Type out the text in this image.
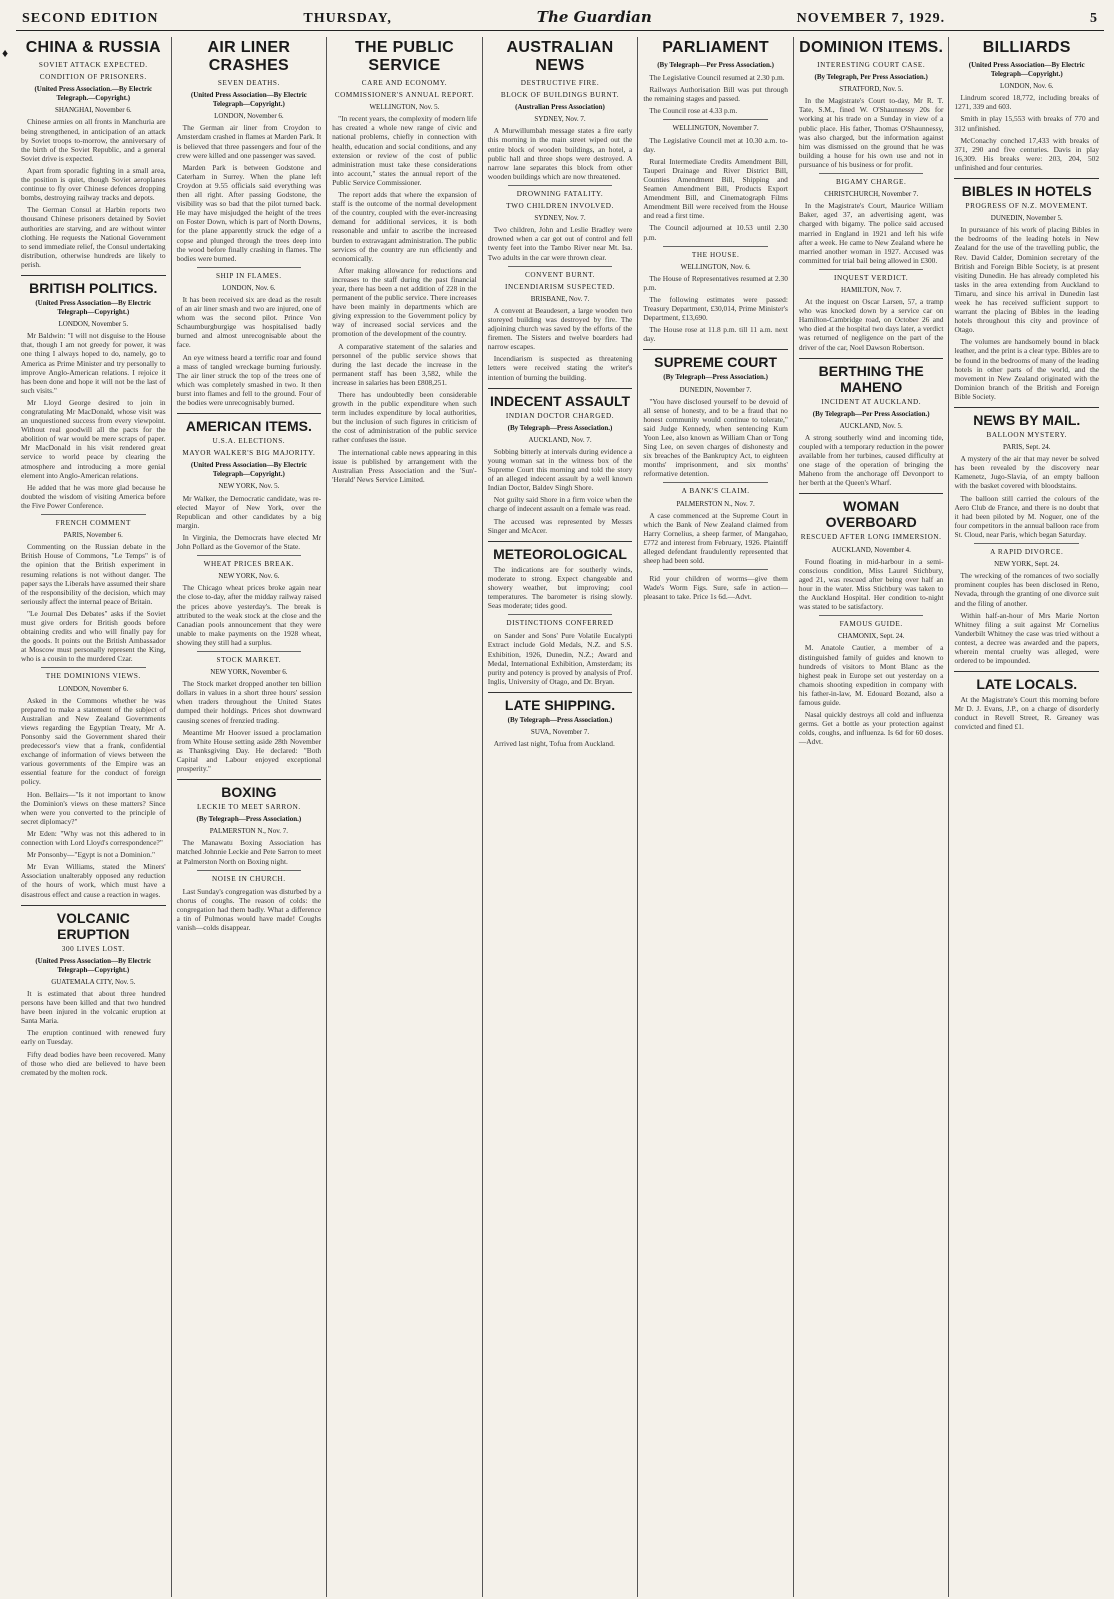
♦
SECOND EDITION	THURSDAY,	The Guardian	NOVEMBER 7, 1929.	5
CHINA & RUSSIA
SOVIET ATTACK EXPECTED.
CONDITION OF PRISONERS.
(United Press Association.—By Electric Telegraph.—Copyright.)
SHANGHAI, November 6.
Chinese armies on all fronts in Manchuria are being strengthened, in anticipation of an attack by Soviet troops to-morrow, the anniversary of the birth of the Soviet Republic, and a general Soviet drive is expected.
Apart from sporadic fighting in a small area, the position is quiet, though Soviet aeroplanes continue to fly over Chinese defences dropping bombs, destroying railway tracks and depots.
The German Consul at Harbin reports two thousand Chinese prisoners detained by Soviet authorities are starving, and are without winter clothing. He requests the National Government to send immediate relief, the Consul undertaking distribution, otherwise hundreds are likely to perish.
BRITISH POLITICS.
(United Press Association—By Electric Telegraph—Copyright.)
LONDON, November 5.
Mr Baldwin: "I will not disguise to the House that, though I am not greedy for power, it was one thing I always hoped to do, namely, go to America as Prime Minister and try personally to improve Anglo-American relations. I rejoice it has been done and hope it will not be the last of such visits."
Mr Lloyd George desired to join in congratulating Mr MacDonald, whose visit was an unquestioned success from every viewpoint. Without real goodwill all the pacts for the abolition of war would be mere scraps of paper. Mr MacDonald in his visit rendered great service to world peace by clearing the atmosphere and introducing a more genial element into Anglo-American relations.
He added that he was more glad because he doubted the wisdom of visiting America before the Five Power Conference.
FRENCH COMMENT
PARIS, November 6.
Commenting on the Russian debate in the British House of Commons, "Le Temps" is of the opinion that the British experiment in resuming relations is not without danger. The paper says the Liberals have assumed their share of the responsibility of the decision, which may seriously affect the internal peace of Britain.
"Le Journal Des Debates" asks if the Soviet must give orders for British goods before obtaining credits and who will finally pay for the goods. It points out the British Ambassador at Moscow must personally represent the King, who is a cousin to the murdered Czar.
THE DOMINIONS VIEWS.
LONDON, November 6.
Asked in the Commons whether he was prepared to make a statement of the subject of Australian and New Zealand Governments views regarding the Egyptian Treaty, Mr A. Ponsonby said the Government shared their predecessor's view that a frank, confidential exchange of information of views between the various governments of the Empire was an essential feature for the conduct of foreign policy.
Hon. Bellairs—"Is it not important to know the Dominion's views on these matters? Since when were you converted to the principle of secret diplomacy?"
Mr Eden: "Why was not this adhered to in connection with Lord Lloyd's correspondence?"
Mr Ponsonby—"Egypt is not a Dominion."
Mr Evan Williams, stated the Miners' Association unalterably opposed any reduction of the hours of work, which must have a disastrous effect and cause a reaction in wages.
VOLCANIC ERUPTION
300 LIVES LOST.
(United Press Association—By Electric Telegraph—Copyright.)
GUATEMALA CITY, Nov. 5.
It is estimated that about three hundred persons have been killed and that two hundred have been injured in the volcanic eruption at Santa Maria.
The eruption continued with renewed fury early on Tuesday.
Fifty dead bodies have been recovered. Many of those who died are believed to have been cremated by the molten rock.
AIR LINER CRASHES
SEVEN DEATHS.
(United Press Association—By Electric Telegraph—Copyright.)
LONDON, November 6.
The German air liner from Croydon to Amsterdam crashed in flames at Marden Park. It is believed that three passengers and four of the crew were killed and one passenger was saved.
Marden Park is between Godstone and Caterham in Surrey. When the plane left Croydon at 9.55 officials said everything was then all right. After passing Godstone, the visibility was so bad that the pilot turned back. He may have misjudged the height of the trees on Foster Down, which is part of North Downs, for the plane apparently struck the edge of a copse and plunged through the trees deep into the wood before finally crashing in flames. The bodies were burned.
SHIP IN FLAMES.
LONDON, Nov. 6.
It has been received six are dead as the result of an air liner smash and two are injured, one of whom was the second pilot. Prince Von Schaumburgburgige was hospitalised badly burned and almost unrecognisable about the face.
An eye witness heard a terrific roar and found a mass of tangled wreckage burning furiously. The air liner struck the top of the trees one of which was completely smashed in two. It then burst into flames and fell to the ground. Four of the bodies were unrecognisably burned.
AMERICAN ITEMS.
U.S.A. ELECTIONS.
MAYOR WALKER'S BIG MAJORITY.
(United Press Association—By Electric Telegraph—Copyright.)
NEW YORK, Nov. 5.
Mr Walker, the Democratic candidate, was re-elected Mayor of New York, over the Republican and other candidates by a big margin.
In Virginia, the Democrats have elected Mr John Pollard as the Governor of the State.
WHEAT PRICES BREAK.
NEW YORK, Nov. 6.
The Chicago wheat prices broke again near the close to-day, after the midday railway raised the prices above yesterday's. The break is attributed to the weak stock at the close and the Canadian pools announcement that they were unable to make payments on the 1928 wheat, showing they still had a surplus.
STOCK MARKET.
NEW YORK, November 6.
The Stock market dropped another ten billion dollars in values in a short three hours' session when traders throughout the United States dumped their holdings. Prices shot downward causing scenes of frenzied trading.
Meantime Mr Hoover issued a proclamation from White House setting aside 28th November as Thanksgiving Day. He declared: "Both Capital and Labour enjoyed exceptional prosperity."
BOXING
LECKIE TO MEET SARRON.
(By Telegraph—Press Association.)
PALMERSTON N., Nov. 7.
The Manawatu Boxing Association has matched Johnnie Leckie and Pete Sarron to meet at Palmerston North on Boxing night.
NOISE IN CHURCH.
Last Sunday's congregation was disturbed by a chorus of coughs. The reason of colds: the congregation had them badly. What a difference a tin of Pulmonas would have made! Coughs vanish—colds disappear.
THE PUBLIC SERVICE
CARE AND ECONOMY.
COMMISSIONER'S ANNUAL REPORT.
WELLINGTON, Nov. 5.
"In recent years, the complexity of modern life has created a whole new range of civic and national problems, chiefly in connection with health, education and social conditions, and any extension or review of the cost of public administration must take these considerations into account," states the annual report of the Public Service Commissioner.
The report adds that where the expansion of staff is the outcome of the normal development of the country, coupled with the ever-increasing demand for additional services, it is both reasonable and unfair to ascribe the increased burden to extravagant administration. The public services of the country are run efficiently and economically.
After making allowance for reductions and increases to the staff during the past financial year, there has been a net addition of 228 in the permanent of the public service. There increases have been mainly in departments which are giving expression to the Government policy by way of increased social services and the promotion of the development of the country.
A comparative statement of the salaries and personnel of the public service shows that during the last decade the increase in the permanent staff has been 3,582, while the increase in salaries has been £808,251.
There has undoubtedly been considerable growth in the public expenditure when such term includes expenditure by local authorities, but the inclusion of such figures in criticism of the cost of administration of the public service rather confuses the issue.
The international cable news appearing in this issue is published by arrangement with the Australian Press Association and the 'Sun'-'Herald' News Service Limited.
AUSTRALIAN NEWS
DESTRUCTIVE FIRE.
BLOCK OF BUILDINGS BURNT.
(Australian Press Association)
SYDNEY, Nov. 7.
A Murwillumbah message states a fire early this morning in the main street wiped out the entire block of wooden buildings, an hotel, a public hall and three shops were destroyed. A narrow lane separates this block from other wooden buildings which are now threatened.
DROWNING FATALITY.
TWO CHILDREN INVOLVED.
SYDNEY, Nov. 7.
Two children, John and Leslie Bradley were drowned when a car got out of control and fell twenty feet into the Tambo River near Mt. Isa. Two adults in the car were thrown clear.
CONVENT BURNT.
INCENDIARISM SUSPECTED.
BRISBANE, Nov. 7.
A convent at Beaudesert, a large wooden two storeyed building was destroyed by fire. The adjoining church was saved by the efforts of the firemen. The Sisters and twelve boarders had narrow escapes.
Incendiarism is suspected as threatening letters were received stating the writer's intention of burning the building.
INDECENT ASSAULT
INDIAN DOCTOR CHARGED.
(By Telegraph—Press Association.)
AUCKLAND, Nov. 7.
Sobbing bitterly at intervals during evidence a young woman sat in the witness box of the Supreme Court this morning and told the story of an alleged indecent assault by a well known Indian Doctor, Baldev Singh Shore.
Not guilty said Shore in a firm voice when the charge of indecent assault on a female was read.
The accused was represented by Messrs Singer and McAcer.
METEOROLOGICAL
The indications are for southerly winds, moderate to strong. Expect changeable and showery weather, but improving; cool temperatures. The barometer is rising slowly. Seas moderate; tides good.
DISTINCTIONS CONFERRED
on Sander and Sons' Pure Volatile Eucalypti Extract include Gold Medals, N.Z. and S.S. Exhibition, 1926, Dunedin, N.Z.; Award and Medal, International Exhibition, Amsterdam; its purity and potency is proved by analysis of Prof. Inglis, University of Otago, and Dr. Bryan.
LATE SHIPPING.
(By Telegraph—Press Association.)
SUVA, November 7.
Arrived last night, Tofua from Auckland.
PARLIAMENT
(By Telegraph—Per Press Association.)
The Legislative Council resumed at 2.30 p.m.
Railways Authorisation Bill was put through the remaining stages and passed.
The Council rose at 4.33 p.m.
WELLINGTON, November 7.
The Legislative Council met at 10.30 a.m. to-day.
Rural Intermediate Credits Amendment Bill, Tauperi Drainage and River District Bill, Counties Amendment Bill, Shipping and Seamen Amendment Bill, Products Export Amendment Bill, and Cinematograph Films Amendment Bill were received from the House and read a first time.
The Council adjourned at 10.53 until 2.30 p.m.
THE HOUSE.
WELLINGTON, Nov. 6.
The House of Representatives resumed at 2.30 p.m.
The following estimates were passed: Treasury Department, £30,014, Prime Minister's Department, £13,690.
The House rose at 11.8 p.m. till 11 a.m. next day.
SUPREME COURT
(By Telegraph—Press Association.)
DUNEDIN, November 7.
"You have disclosed yourself to be devoid of all sense of honesty, and to be a fraud that no honest community would continue to tolerate," said Judge Kennedy, when sentencing Kum Yoon Lee, also known as William Chan or Tong Sing Lee, on seven charges of dishonesty and six breaches of the Bankruptcy Act, to eighteen months' imprisonment, and six months' reformative detention.
A BANK'S CLAIM.
PALMERSTON N., Nov. 7.
A case commenced at the Supreme Court in which the Bank of New Zealand claimed from Harry Cornelius, a sheep farmer, of Mangahao, £772 and interest from February, 1926. Plaintiff alleged defendant fraudulently represented that sheep had been sold.
Rid your children of worms—give them Wade's Worm Figs. Sure, safe in action—pleasant to take. Price 1s 6d.—Advt.
DOMINION ITEMS.
INTERESTING COURT CASE.
(By Telegraph, Per Press Association.)
STRATFORD, Nov. 5.
In the Magistrate's Court to-day, Mr R. T. Tate, S.M., fined W. O'Shaunnessy 20s for working at his trade on a Sunday in view of a public place. His father, Thomas O'Shaunnessy, was also charged, but the information against him was dismissed on the ground that he was building a house for his own use and not in pursuance of his business or for profit.
BIGAMY CHARGE.
CHRISTCHURCH, November 7.
In the Magistrate's Court, Maurice William Baker, aged 37, an advertising agent, was charged with bigamy. The police said accused married in England in 1921 and left his wife after a week. He came to New Zealand where he married another woman in 1927. Accused was committed for trial bail being allowed in £300.
INQUEST VERDICT.
HAMILTON, Nov. 7.
At the inquest on Oscar Larsen, 57, a tramp who was knocked down by a service car on Hamilton-Cambridge road, on October 26 and who died at the hospital two days later, a verdict was returned of negligence on the part of the driver of the car, Noel Dawson Robertson.
BERTHING THE MAHENO
INCIDENT AT AUCKLAND.
(By Telegraph—Per Press Association.)
AUCKLAND, Nov. 5.
A strong southerly wind and incoming tide, coupled with a temporary reduction in the power available from her turbines, caused difficulty at one stage of the operation of bringing the Maheno from the anchorage off Devonport to her berth at the Queen's Wharf.
WOMAN OVERBOARD
RESCUED AFTER LONG IMMERSION.
AUCKLAND, November 4.
Found floating in mid-harbour in a semi-conscious condition, Miss Laurel Stichbury, aged 21, was rescued after being over half an hour in the water. Miss Stichbury was taken to the Auckland Hospital. Her condition to-night was stated to be satisfactory.
FAMOUS GUIDE.
CHAMONIX, Sept. 24.
M. Anatole Cautier, a member of a distinguished family of guides and known to hundreds of visitors to Mont Blanc as the highest peak in Europe set out yesterday on a chamois shooting expedition in company with his father-in-law, M. Edouard Bozand, also a famous guide.
Nasal quickly destroys all cold and influenza germs. Get a bottle as your protection against colds, coughs, and influenza. Is 6d for 60 doses.—Advt.
BILLIARDS
(United Press Association—By Electric Telegraph—Copyright.)
LONDON, Nov. 6.
Lindrum scored 18,772, including breaks of 1271, 339 and 603.
Smith in play 15,553 with breaks of 770 and 312 unfinished.
McConachy conched 17,433 with breaks of 371, 290 and five centuries. Davis in play 16,309. His breaks were: 203, 204, 502 unfinished and four centuries.
BIBLES IN HOTELS
PROGRESS OF N.Z. MOVEMENT.
DUNEDIN, November 5.
In pursuance of his work of placing Bibles in the bedrooms of the leading hotels in New Zealand for the use of the travelling public, the Rev. David Calder, Dominion secretary of the British and Foreign Bible Society, is at present visiting Dunedin. He has already completed his tasks in the area extending from Auckland to Timaru, and since his arrival in Dunedin last week he has received sufficient support to warrant the placing of Bibles in the leading hotels throughout this city and province of Otago.
The volumes are handsomely bound in black leather, and the print is a clear type. Bibles are to be found in the bedrooms of many of the leading hotels in other parts of the world, and the movement in New Zealand originated with the Dominion branch of the British and Foreign Bible Society.
NEWS BY MAIL.
BALLOON MYSTERY.
PARIS, Sept. 24.
A mystery of the air that may never be solved has been revealed by the discovery near Kamenetz, Jugo-Slavia, of an empty balloon with the basket covered with bloodstains.
The balloon still carried the colours of the Aero Club de France, and there is no doubt that it had been piloted by M. Noguer, one of the four competitors in the annual balloon race from St. Cloud, near Paris, which began Saturday.
A RAPID DIVORCE.
NEW YORK, Sept. 24.
The wrecking of the romances of two socially prominent couples has been disclosed in Reno, Nevada, through the granting of one divorce suit and the filing of another.
Within half-an-hour of Mrs Marie Norton Whitney filing a suit against Mr Cornelius Vanderbilt Whitney the case was tried without a contest, a decree was awarded and the papers, wherein mental cruelty was alleged, were ordered to be impounded.
LATE LOCALS.
At the Magistrate's Court this morning before Mr D. J. Evans, J.P., on a charge of disorderly conduct in Revell Street, R. Greaney was convicted and fined £1.
